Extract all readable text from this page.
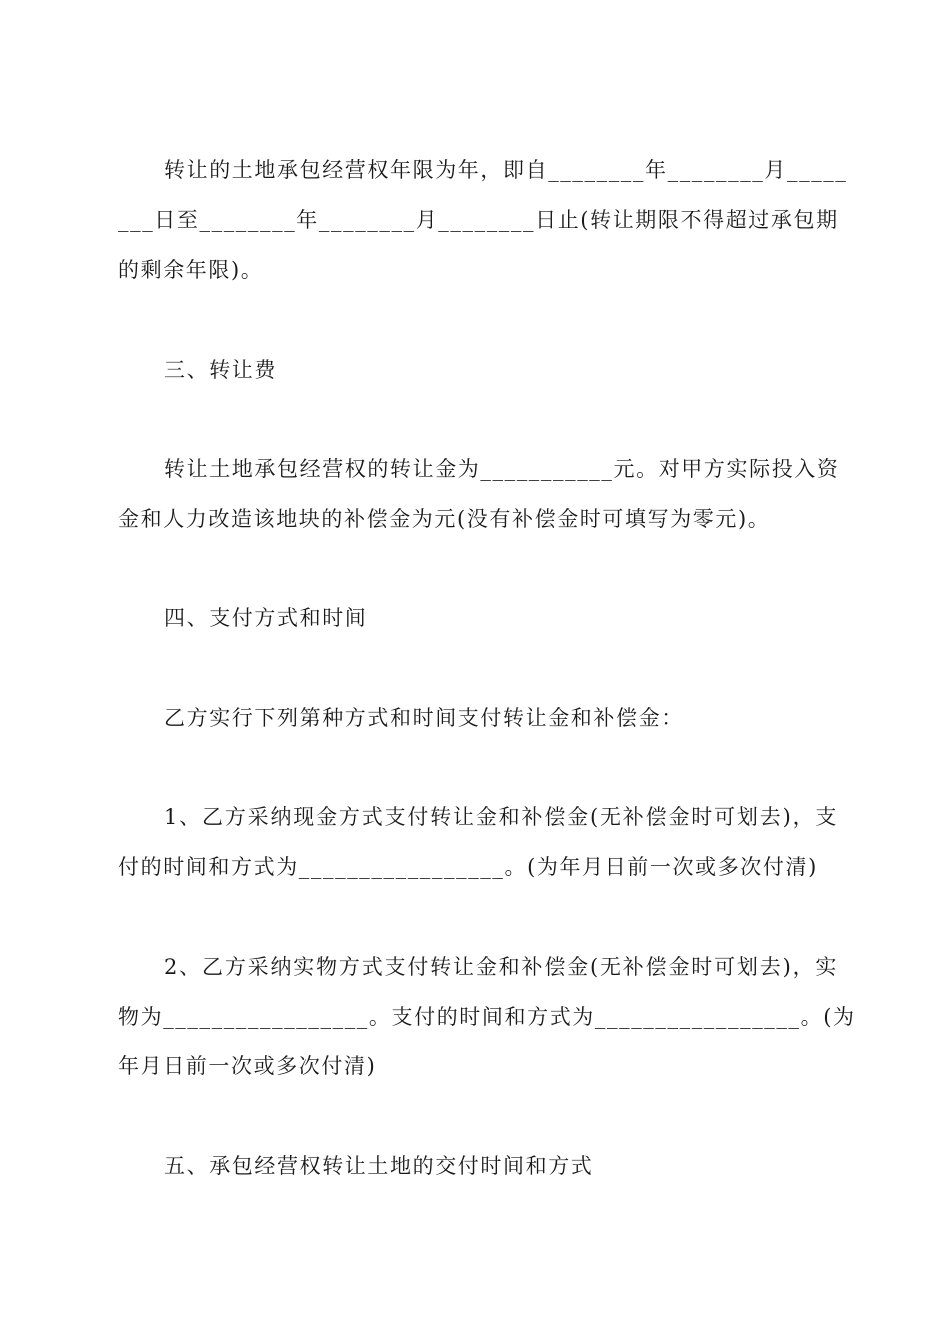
转让的土地承包经营权年限为年，即自________年________月_____
___日至________年________月________日止(转让期限不得超过承包期
的剩余年限)。
三、转让费
转让土地承包经营权的转让金为___________元。对甲方实际投入资
金和人力改造该地块的补偿金为元(没有补偿金时可填写为零元)。
四、支付方式和时间
乙方实行下列第种方式和时间支付转让金和补偿金：
1、乙方采纳现金方式支付转让金和补偿金(无补偿金时可划去)，支
付的时间和方式为_________________。(为年月日前一次或多次付清)
2、乙方采纳实物方式支付转让金和补偿金(无补偿金时可划去)，实
物为_________________。支付的时间和方式为_________________。(为
年月日前一次或多次付清)
五、承包经营权转让土地的交付时间和方式
